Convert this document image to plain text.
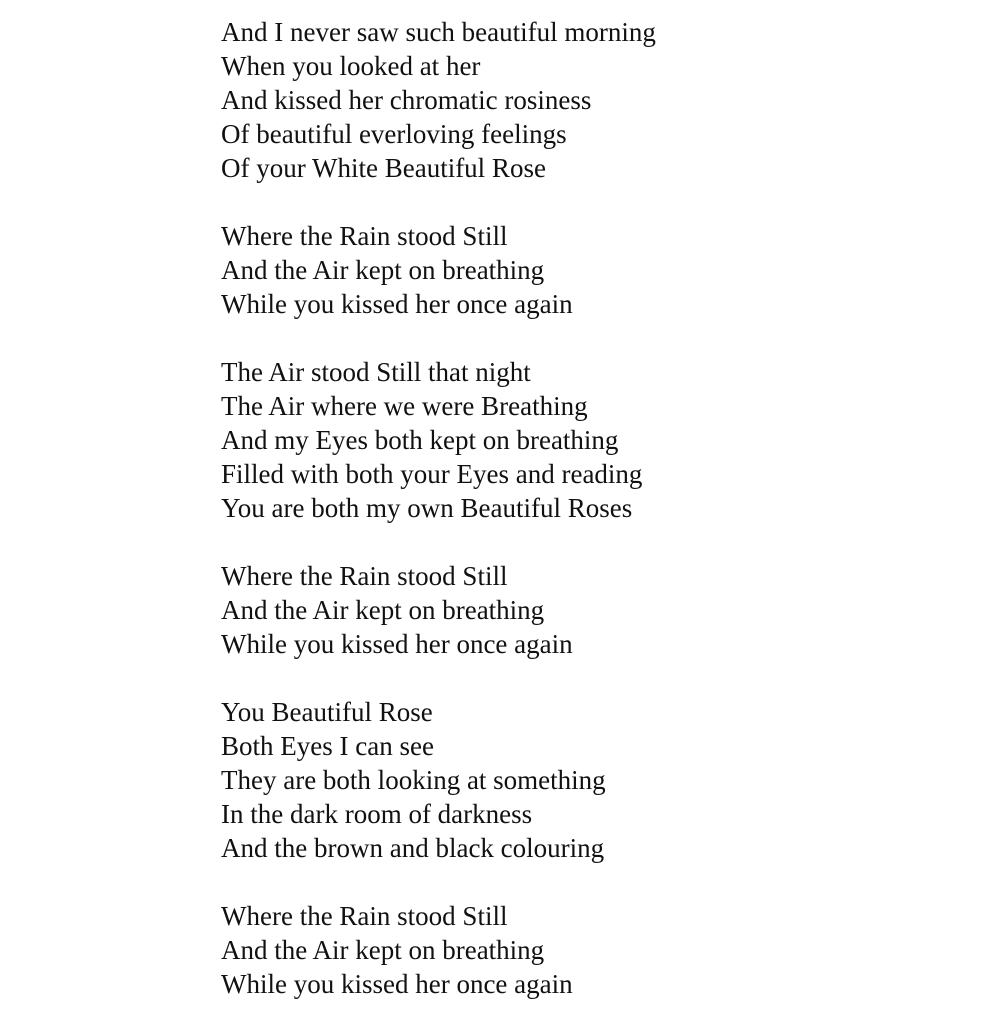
And I never saw such beautiful morning
When you looked at her
And kissed her chromatic rosiness
Of beautiful everloving feelings
Of your White Beautiful Rose
Where the Rain stood Still
And the Air kept on breathing
While you kissed her once again
The Air stood Still that night
The Air where we were Breathing
And my Eyes both kept on breathing
Filled with both your Eyes and reading
You are both my own Beautiful Roses
Where the Rain stood Still
And the Air kept on breathing
While you kissed her once again
You Beautiful Rose
Both Eyes I can see
They are both looking at something
In the dark room of darkness
And the brown and black colouring
Where the Rain stood Still
And the Air kept on breathing
While you kissed her once again
